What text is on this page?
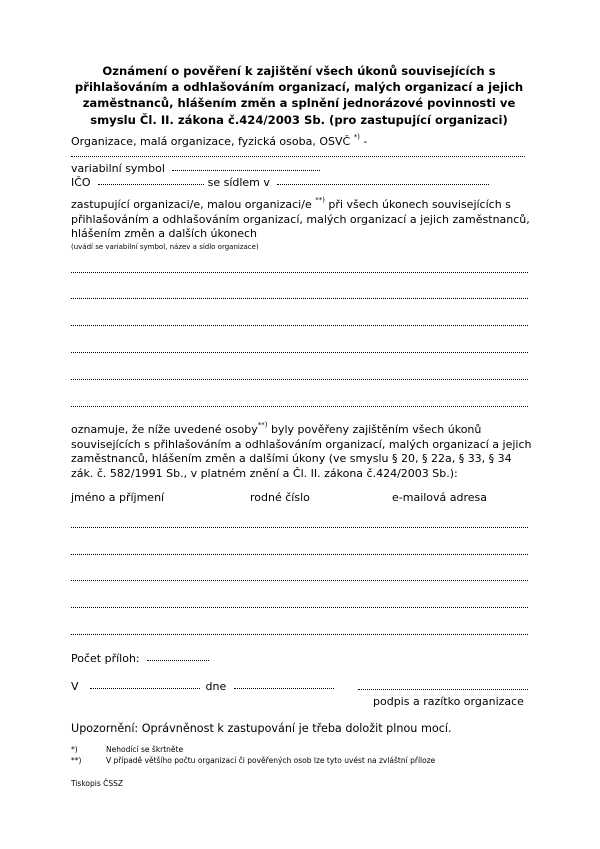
Oznámení o pověření k zajištění všech úkonů souvisejících s přihlašováním a odhlašováním organizací, malých organizací a jejich zaměstnanců, hlášením změn a splnění jednorázové povinnosti ve smyslu Čl. II. zákona č.424/2003 Sb. (pro zastupující organizaci)
Organizace, malá organizace, fyzická osoba, OSVČ *) -
variabilní symbol
IČO	se sídlem v
zastupující organizaci/e, malou organizaci/e **) při všech úkonech souvisejících s přihlašováním a odhlašováním organizací, malých organizací a jejich zaměstnanců, hlášením změn a dalších úkonech
(uvádí se variabilní symbol, název a sídlo organizace)
oznamuje, že níže uvedené osoby**) byly pověřeny zajištěním všech úkonů souvisejících s přihlašováním a odhlašováním organizací, malých organizací a jejich zaměstnanců, hlášením změn a dalšími úkony (ve smyslu § 20, § 22a, § 33, § 34 zák. č. 582/1991 Sb., v platném znění a Čl. II. zákona č.424/2003 Sb.):
jméno a příjmení	rodné číslo	e-mailová adresa
Počet příloh:
V	dne
podpis a razítko organizace
Upozornění: Oprávněnost k zastupování je třeba doložit plnou mocí.
*)	Nehodící se škrtněte
**)	V případě většího počtu organizací či pověřených osob lze tyto uvést na zvláštní příloze
Tiskopis ČSSZ
